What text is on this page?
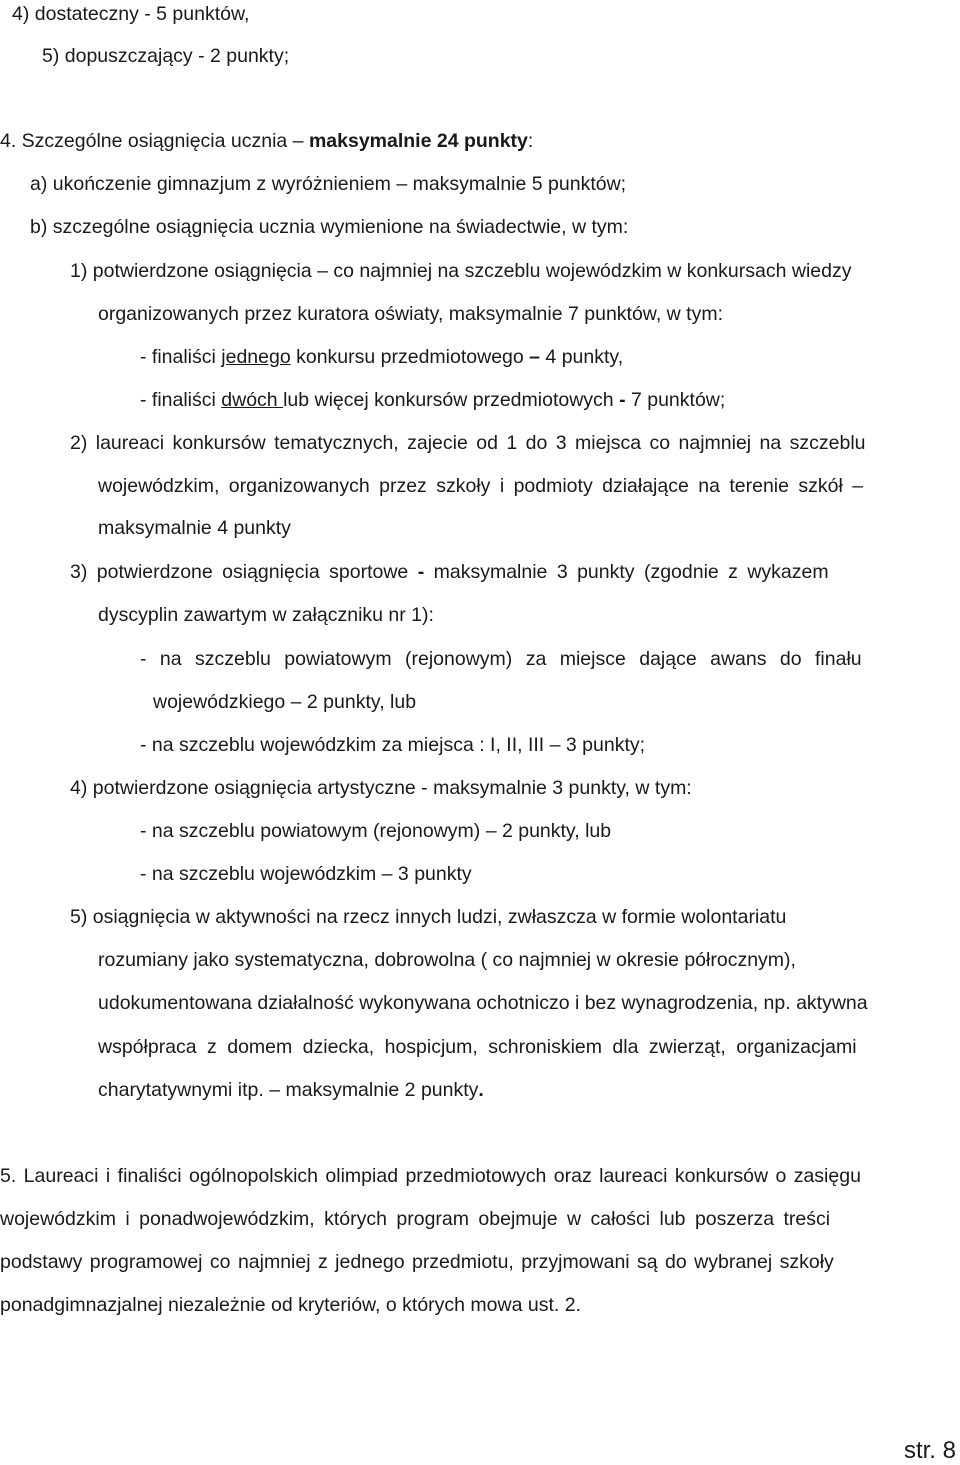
4) dostateczny - 5 punktów,
5) dopuszczający - 2 punkty;
4. Szczególne osiągnięcia ucznia – maksymalnie 24 punkty:
a) ukończenie gimnazjum z wyróżnieniem – maksymalnie 5 punktów;
b) szczególne osiągnięcia ucznia wymienione na świadectwie, w tym:
1) potwierdzone osiągnięcia – co najmniej na szczeblu wojewódzkim w konkursach wiedzy
organizowanych przez kuratora oświaty, maksymalnie 7 punktów, w tym:
- finaliści jednego konkursu przedmiotowego – 4 punkty,
- finaliści dwóch lub więcej konkursów przedmiotowych - 7 punktów;
2) laureaci konkursów tematycznych, zajecie od 1 do 3 miejsca co najmniej na szczeblu
wojewódzkim, organizowanych przez szkoły i podmioty działające na terenie szkół –
maksymalnie 4 punkty
3) potwierdzone osiągnięcia sportowe - maksymalnie 3 punkty (zgodnie z wykazem
dyscyplin zawartym w załączniku nr 1):
- na szczeblu powiatowym (rejonowym) za miejsce dające awans do finału
wojewódzkiego – 2 punkty, lub
- na szczeblu wojewódzkim za miejsca : I, II, III – 3 punkty;
4) potwierdzone osiągnięcia artystyczne - maksymalnie 3 punkty, w tym:
- na szczeblu powiatowym (rejonowym) – 2 punkty, lub
- na szczeblu wojewódzkim – 3 punkty
5) osiągnięcia w aktywności na rzecz innych ludzi, zwłaszcza w formie wolontariatu
rozumiany jako systematyczna, dobrowolna ( co najmniej w okresie półrocznym),
udokumentowana działalność wykonywana ochotniczo i bez wynagrodzenia, np. aktywna
współpraca z domem dziecka, hospicjum, schroniskiem dla zwierząt, organizacjami
charytatywnymi itp. – maksymalnie 2 punkty.
5. Laureaci i finaliści ogólnopolskich olimpiad przedmiotowych oraz laureaci konkursów o zasięgu
wojewódzkim i ponadwojewódzkim, których program obejmuje w całości lub poszerza treści
podstawy programowej co najmniej z jednego przedmiotu, przyjmowani są do wybranej szkoły
ponadgimnazjalnej niezależnie od kryteriów, o których mowa ust. 2.
str. 8
